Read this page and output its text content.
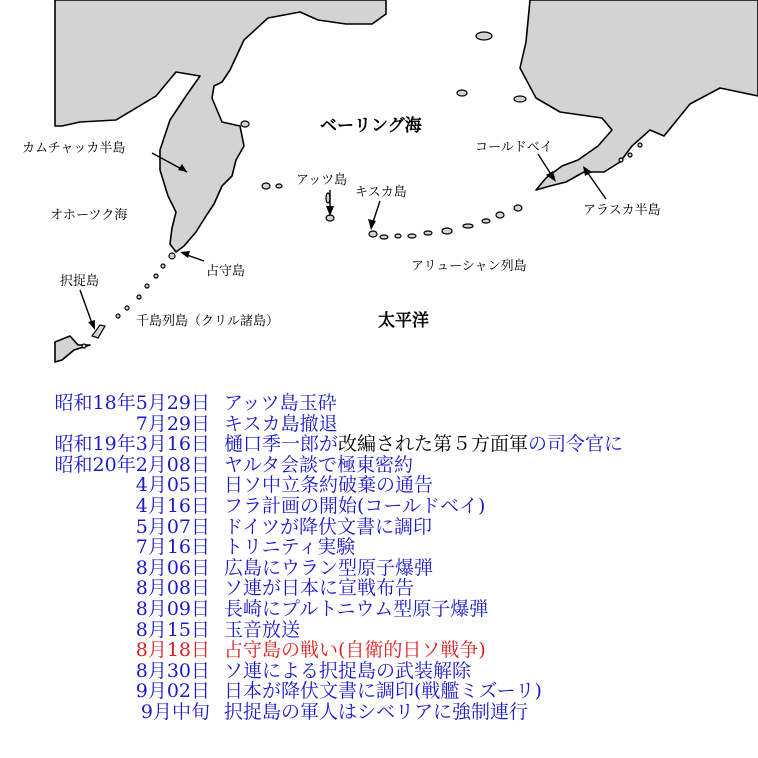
ベーリング海
カムチャッカ半島
オホーツク海
アッツ島
キスカ島
コールドベイ
アラスカ半島
アリューシャン列島
占守島
択捉島
千島列島（クリル諸島）	太平洋
昭和18年5月29日 アッツ島玉砕
7月29日 キスカ島撤退
昭和19年3月16日 樋口季一郎が改編された第５方面軍の司令官に
昭和20年2月08日 ヤルタ会談で極東密約
4月05日 日ソ中立条約破棄の通告
4月16日 フラ計画の開始(コールドベイ)
5月07日 ドイツが降伏文書に調印
7月16日 トリニティ実験
8月06日 広島にウラン型原子爆弾
8月08日 ソ連が日本に宣戦布告
8月09日 長崎にプルトニウム型原子爆弾
8月15日 玉音放送
8月18日 占守島の戦い(自衛的日ソ戦争)
8月30日 ソ連による択捉島の武装解除
9月02日 日本が降伏文書に調印(戦艦ミズーリ)
9月中旬 択捉島の軍人はシベリアに強制連行
